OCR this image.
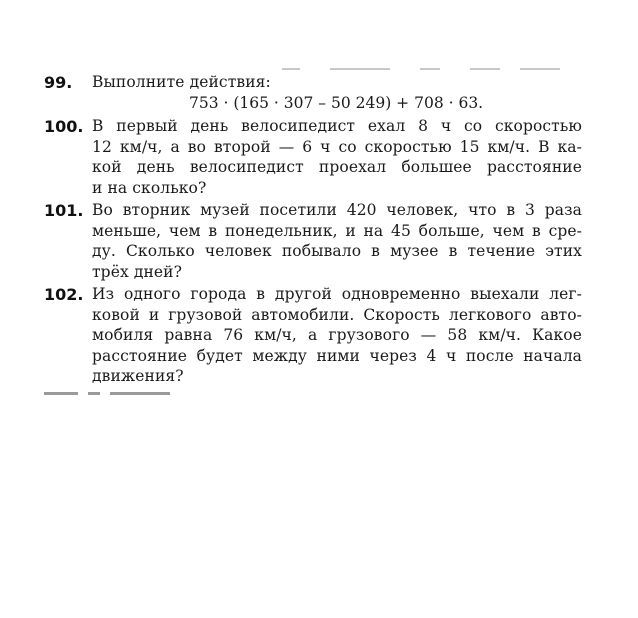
99. Выполните действия:
753 · (165 · 307 – 50 249) + 708 · 63.
100. В первый день велосипедист ехал 8 ч со скоростью
12 км/ч, а во второй — 6 ч со скоростью 15 км/ч. В ка-
кой день велосипедист проехал большее расстояние
и на сколько?
101. Во вторник музей посетили 420 человек, что в 3 раза
меньше, чем в понедельник, и на 45 больше, чем в сре-
ду. Сколько человек побывало в музее в течение этих
трёх дней?
102. Из одного города в другой одновременно выехали лег-
ковой и грузовой автомобили. Скорость легкового авто-
мобиля равна 76 км/ч, а грузового — 58 км/ч. Какое
расстояние будет между ними через 4 ч после начала
движения?
